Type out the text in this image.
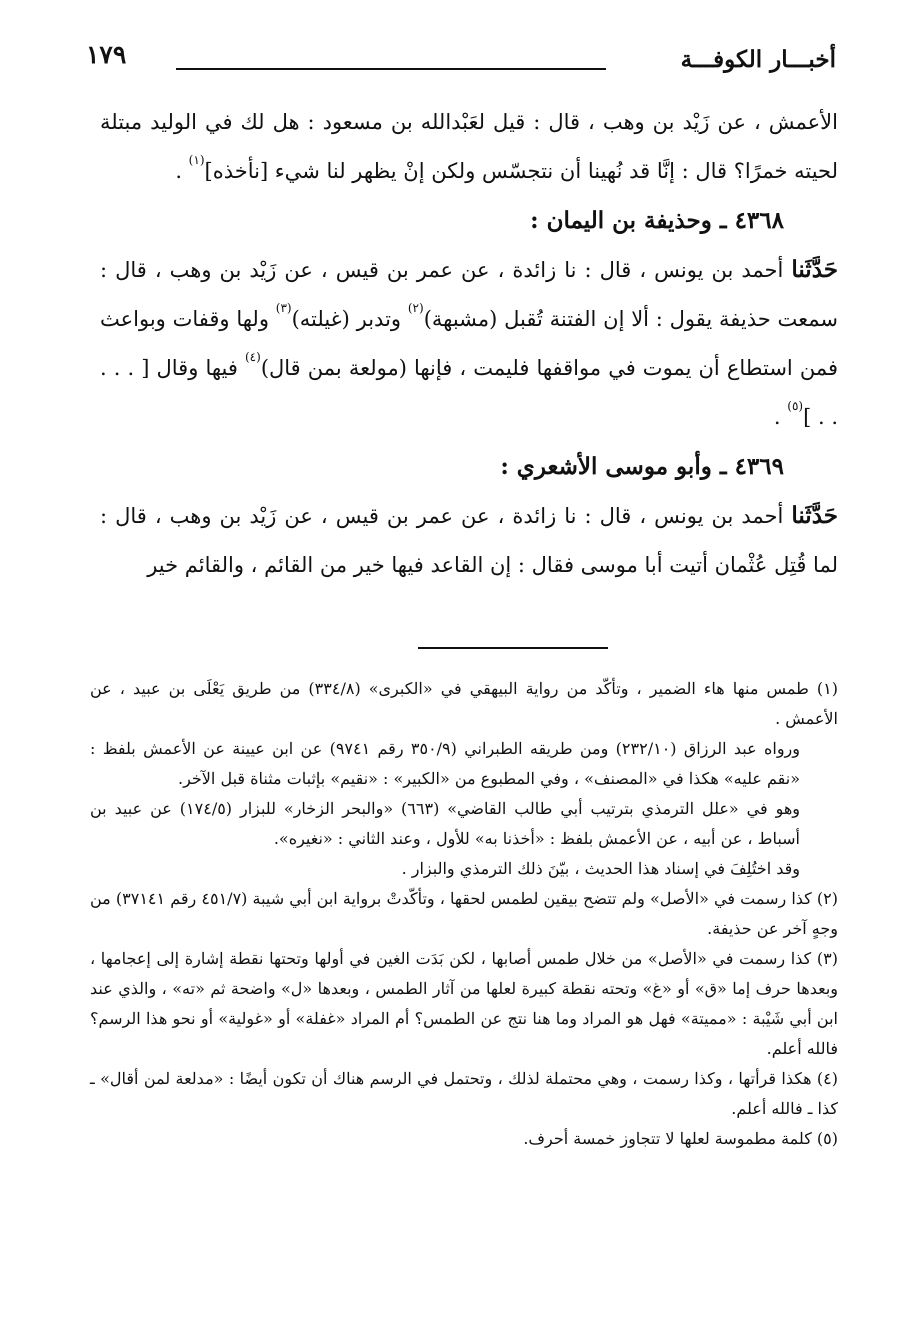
أخبـــار الكوفـــة
١٧٩

الأعمش ، عن زَيْد بن وهب ، قال : قيل لعَبْدالله بن مسعود : هل لك في الوليد مبتلة لحيته خمرًا؟ قال : إنَّا قد نُهينا أن نتجسّس ولكن إنْ يظهر لنا شيء [نأخذه]$^{(١)}$ .

٤٣٦٨ ـ وحذيفة بن اليمان :

حَدَّثَنا أحمد بن يونس ، قال : نا زائدة ، عن عمر بن قيس ، عن زَيْد بن وهب ، قال : سمعت حذيفة يقول : ألا إن الفتنة تُقبل (مشبهة)$^{(٢)}$ وتدبر (غيلته)$^{(٣)}$ ولها وقفات وبواعث فمن استطاع أن يموت في مواقفها فليمت ، فإنها (مولعة بمن قال)$^{(٤)}$ فيها وقال [ . . . . . ]$^{(٥)}$ .

٤٣٦٩ ـ وأبو موسى الأشعري :

حَدَّثَنا أحمد بن يونس ، قال : نا زائدة ، عن عمر بن قيس ، عن زَيْد بن وهب ، قال : لما قُتِل عُثْمان أتيت أبا موسى فقال : إن القاعد فيها خير من القائم ، والقائم خير

(١) طمس منها هاء الضمير ، وتأكّد من رواية البيهقي في «الكبرى» (٣٣٤/٨) من طريق يَعْلَى بن عبيد ، عن الأعمش .

ورواه عبد الرزاق (٢٣٢/١٠) ومن طريقه الطبراني (٣٥٠/٩ رقم ٩٧٤١) عن ابن عيينة عن الأعمش بلفظ : «نقم عليه» هكذا في «المصنف» ، وفي المطبوع من «الكبير» : «نقيم» بإثبات مثناة قبل الآخر.

وهو في «علل الترمذي بترتيب أبي طالب القاضي» (٦٦٣) «والبحر الزخار» للبزار (١٧٤/٥) عن عبيد بن أسباط ، عن أبيه ، عن الأعمش بلفظ : «أخذنا به» للأول ، وعند الثاني : «نغيره».

وقد اختُلِفَ في إسناد هذا الحديث ، بيّنَ ذلك الترمذي والبزار .

(٢) كذا رسمت في «الأصل» ولم تتضح بيقين لطمس لحقها ، وتأكّدتْ برواية ابن أبي شيبة (٤٥١/٧ رقم ٣٧١٤١) من وجهٍ آخر عن حذيفة.

(٣) كذا رسمت في «الأصل» من خلال طمس أصابها ، لكن بَدَت الغين في أولها وتحتها نقطة إشارة إلى إعجامها ، وبعدها حرف إما «ق» أو «غ» وتحته نقطة كبيرة لعلها من آثار الطمس ، وبعدها «ل» واضحة ثم «ته» ، والذي عند ابن أبي شَيْبة : «مميتة» فهل هو المراد وما هنا نتج عن الطمس؟ أم المراد «غفلة» أو «غولية» أو نحو هذا الرسم؟ فالله أعلم.

(٤) هكذا قرأتها ، وكذا رسمت ، وهي محتملة لذلك ، وتحتمل في الرسم هناك أن تكون أيضًا : «مدلعة لمن أقال» ـ كذا ـ فالله أعلم.

(٥) كلمة مطموسة لعلها لا تتجاوز خمسة أحرف.
